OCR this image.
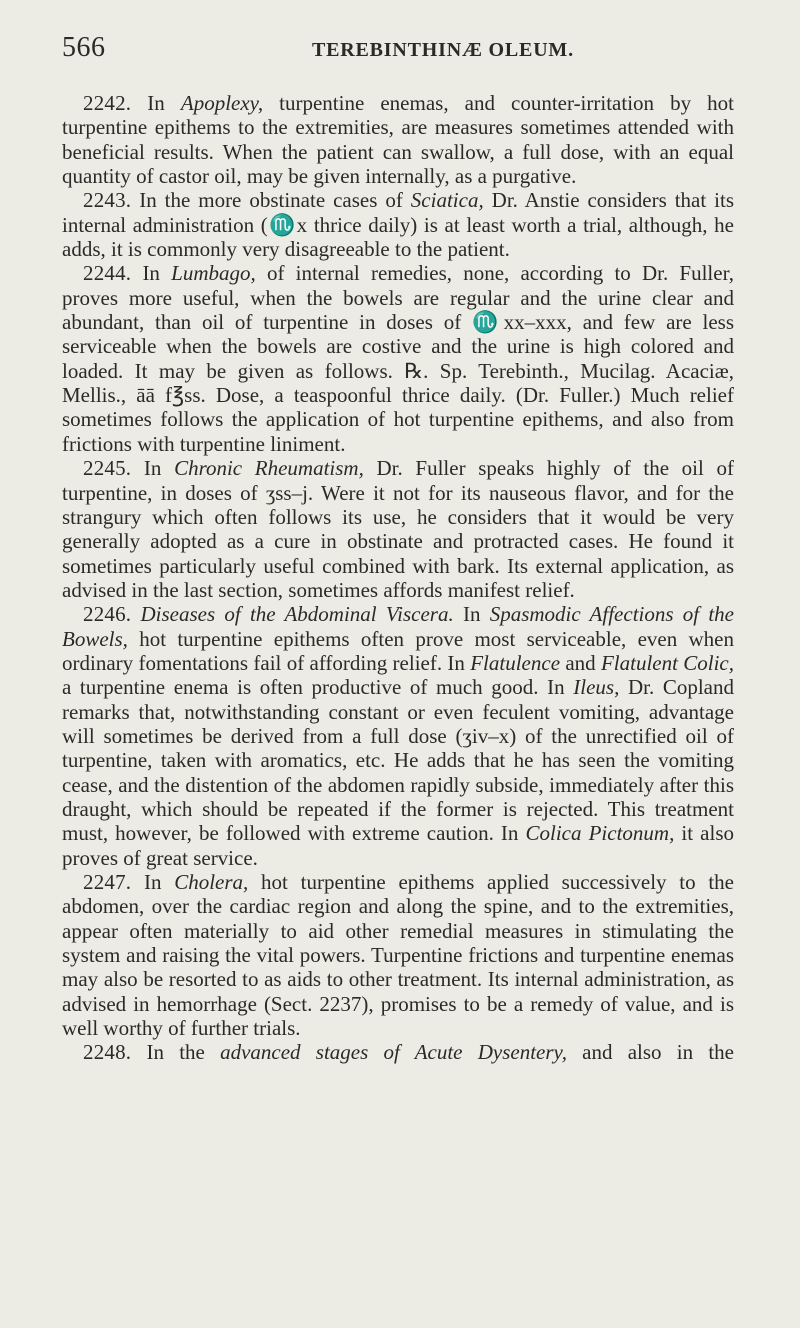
566	TEREBINTHINÆ OLEUM.

2242. In Apoplexy, turpentine enemas, and counter-irritation by hot turpentine epithems to the extremities, are measures sometimes attended with beneficial results. When the patient can swallow, a full dose, with an equal quantity of castor oil, may be given internally, as a purgative.

2243. In the more obstinate cases of Sciatica, Dr. Anstie considers that its internal administration (♏x thrice daily) is at least worth a trial, although, he adds, it is commonly very disagreeable to the patient.

2244. In Lumbago, of internal remedies, none, according to Dr. Fuller, proves more useful, when the bowels are regular and the urine clear and abundant, than oil of turpentine in doses of ♏xx–xxx, and few are less serviceable when the bowels are costive and the urine is high colored and loaded. It may be given as follows. ℞. Sp. Terebinth., Mucilag. Acaciæ, Mellis., āā f℥ss. Dose, a teaspoonful thrice daily. (Dr. Fuller.) Much relief sometimes follows the application of hot turpentine epithems, and also from frictions with turpentine liniment.

2245. In Chronic Rheumatism, Dr. Fuller speaks highly of the oil of turpentine, in doses of ʒss–j. Were it not for its nauseous flavor, and for the strangury which often follows its use, he considers that it would be very generally adopted as a cure in obstinate and protracted cases. He found it sometimes particularly useful combined with bark. Its external application, as advised in the last section, sometimes affords manifest relief.

2246. Diseases of the Abdominal Viscera. In Spasmodic Affections of the Bowels, hot turpentine epithems often prove most serviceable, even when ordinary fomentations fail of affording relief. In Flatulence and Flatulent Colic, a turpentine enema is often productive of much good. In Ileus, Dr. Copland remarks that, notwithstanding constant or even feculent vomiting, advantage will sometimes be derived from a full dose (ʒiv–x) of the unrectified oil of turpentine, taken with aromatics, etc. He adds that he has seen the vomiting cease, and the distention of the abdomen rapidly subside, immediately after this draught, which should be repeated if the former is rejected. This treatment must, however, be followed with extreme caution. In Colica Pictonum, it also proves of great service.

2247. In Cholera, hot turpentine epithems applied successively to the abdomen, over the cardiac region and along the spine, and to the extremities, appear often materially to aid other remedial measures in stimulating the system and raising the vital powers. Turpentine frictions and turpentine enemas may also be resorted to as aids to other treatment. Its internal administration, as advised in hemorrhage (Sect. 2237), promises to be a remedy of value, and is well worthy of further trials.

2248. In the advanced stages of Acute Dysentery, and also in the
